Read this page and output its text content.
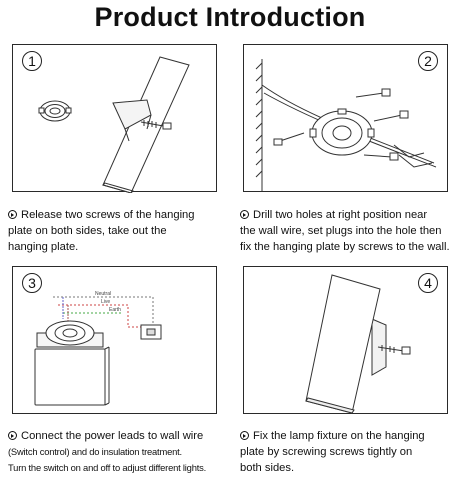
Product Introduction
1	2
Release two screws of the hanging
plate on both sides, take out the
hanging plate.
Drill two holes at right position near
the wall wire, set plugs into the hole then
fix the hanging plate by screws to the wall.
3
Neutral
Live
Earth
4
Connect the power leads to wall wire
(Switch control) and do insulation treatment.
Turn the switch on and off to adjust different lights.
Fix the lamp fixture on the hanging
plate by screwing screws tightly on
both sides.
